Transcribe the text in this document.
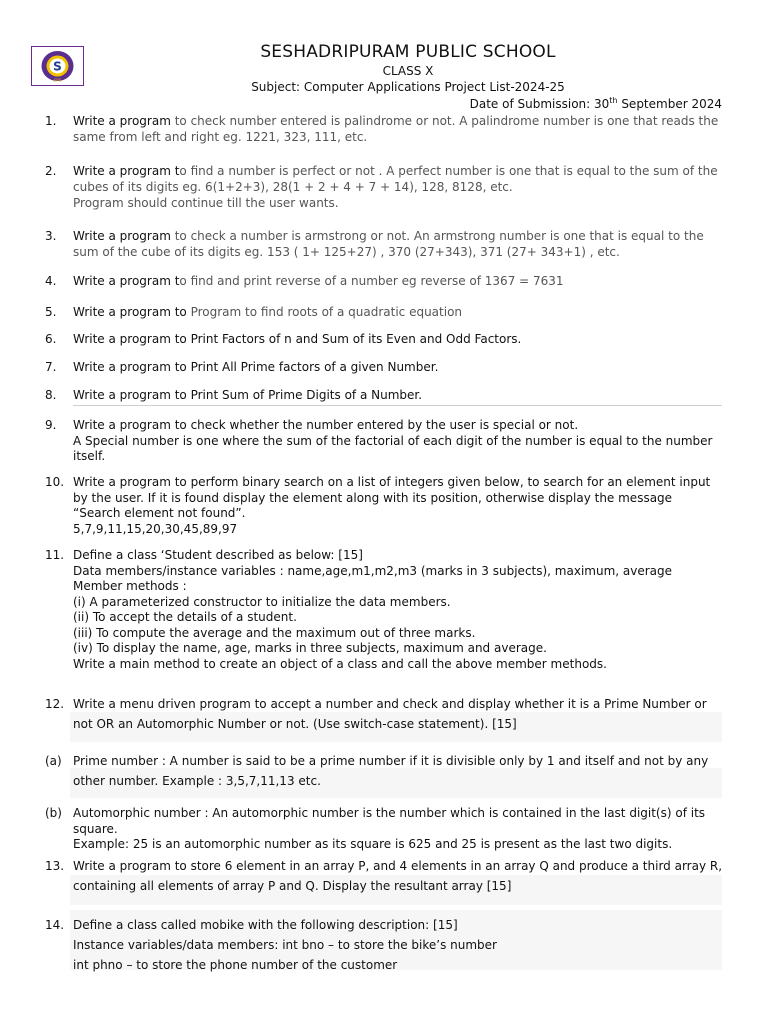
S
SPS
SESHADRIPURAM PUBLIC SCHOOL
CLASS X
Subject: Computer Applications Project List-2024-25
Date of Submission: 30th September 2024
1. Write a program to check number entered is palindrome or not. A palindrome number is one that reads the same from left and right eg. 1221, 323, 111, etc.
2. Write a program to find a number is perfect or not . A perfect number is one that is equal to the sum of the cubes of its digits eg. 6(1+2+3), 28(1 + 2 + 4 + 7 + 14), 128, 8128, etc.
Program should continue till the user wants.
3. Write a program to check a number is armstrong or not. An armstrong number is one that is equal to the sum of the cube of its digits eg. 153 ( 1+ 125+27) , 370 (27+343), 371 (27+ 343+1) , etc.
4. Write a program to find and print reverse of a number eg reverse of 1367 = 7631
5. Write a program to Program to find roots of a quadratic equation
6. Write a program to Print Factors of n and Sum of its Even and Odd Factors.
7. Write a program to Print All Prime factors of a given Number.
8. Write a program to Print Sum of Prime Digits of a Number.
9. Write a program to check whether the number entered by the user is special or not.
A Special number is one where the sum of the factorial of each digit of the number is equal to the number itself.
10. Write a program to perform binary search on a list of integers given below, to search for an element input by the user. If it is found display the element along with its position, otherwise display the message “Search element not found”.
5,7,9,11,15,20,30,45,89,97
11. Define a class ‘Student described as below: [15]
Data members/instance variables : name,age,m1,m2,m3 (marks in 3 subjects), maximum, average
Member methods :
(i) A parameterized constructor to initialize the data members.
(ii) To accept the details of a student.
(iii) To compute the average and the maximum out of three marks.
(iv) To display the name, age, marks in three subjects, maximum and average.
Write a main method to create an object of a class and call the above member methods.
12. Write a menu driven program to accept a number and check and display whether it is a Prime Number or not OR an Automorphic Number or not. (Use switch-case statement). [15]
(a) Prime number : A number is said to be a prime number if it is divisible only by 1 and itself and not by any other number. Example : 3,5,7,11,13 etc.
(b) Automorphic number : An automorphic number is the number which is contained in the last digit(s) of its square.
Example: 25 is an automorphic number as its square is 625 and 25 is present as the last two digits.
13. Write a program to store 6 element in an array P, and 4 elements in an array Q and produce a third array R, containing all elements of array P and Q. Display the resultant array [15]
14. Define a class called mobike with the following description: [15]
Instance variables/data members: int bno – to store the bike’s number
int phno – to store the phone number of the customer
